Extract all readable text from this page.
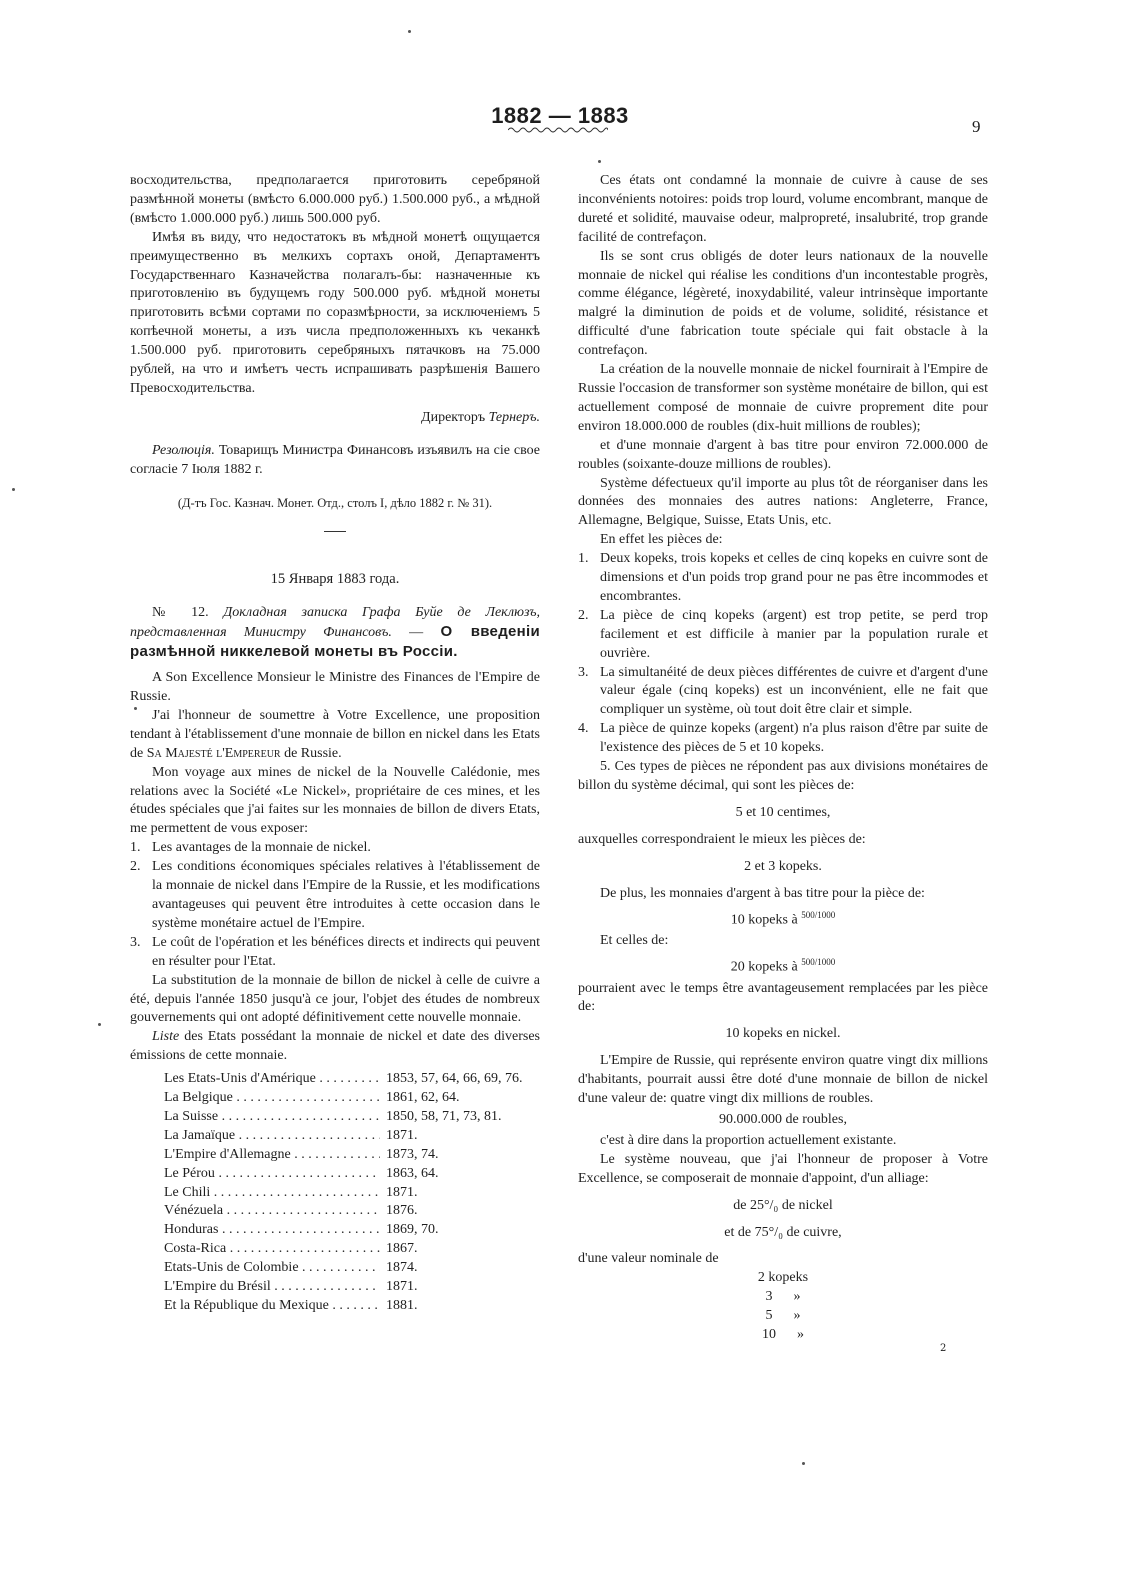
1882 — 1883	9

восходительства, предполагается приготовить серебряной размѣнной монеты (вмѣсто 6.000.000 руб.) 1.500.000 руб., а мѣдной (вмѣсто 1.000.000 руб.) лишь 500.000 руб.

Имѣя въ виду, что недостатокъ въ мѣдной монетѣ ощущается преимущественно въ мелкихъ сортахъ оной, Департаментъ Государственнаго Казначейства полагалъ-бы: назначенные къ приготовленію въ будущемъ году 500.000 руб. мѣдной монеты приготовить всѣми сортами по соразмѣрности, за исключеніемъ 5 копѣечной монеты, а изъ числа предположенныхъ къ чеканкѣ 1.500.000 руб. приготовить серебряныхъ пятачковъ на 75.000 рублей, на что и имѣетъ честь испрашивать разрѣшенія Вашего Превосходительства.

Директоръ Тернеръ.

Резолюція. Товарищъ Министра Финансовъ изъявилъ на сіе свое согласіе 7 Іюля 1882 г.

(Д-тъ Гос. Казнач. Монет. Отд., столъ I, дѣло 1882 г. № 31).

15 Января 1883 года.

№ 12. Докладная записка Графа Буйе де Леклюзъ, представленная Министру Финансовъ. — О введеніи размѣнной никкелевой монеты въ Россіи.

A Son Excellence Monsieur le Ministre des Finances de l'Empire de Russie.

J'ai l'honneur de soumettre à Votre Excellence, une proposition tendant à l'établissement d'une monnaie de billon en nickel dans les Etats de Sa Majesté l'Empereur de Russie.

Mon voyage aux mines de nickel de la Nouvelle Calédonie, mes relations avec la Société «Le Nickel», propriétaire de ces mines, et les études spéciales que j'ai faites sur les monnaies de billon de divers Etats, me permettent de vous exposer:

1. Les avantages de la monnaie de nickel.
2. Les conditions économiques spéciales relatives à l'établissement de la monnaie de nickel dans l'Empire de la Russie, et les modifications avantageuses qui peuvent être introduites à cette occasion dans le système monétaire actuel de l'Empire.
3. Le coût de l'opération et les bénéfices directs et indirects qui peuvent en résulter pour l'Etat.

La substitution de la monnaie de billon de nickel à celle de cuivre a été, depuis l'année 1850 jusqu'à ce jour, l'objet des études de nombreux gouvernements qui ont adopté définitivement cette nouvelle monnaie.

Liste des Etats possédant la monnaie de nickel et date des diverses émissions de cette monnaie.

Les Etats-Unis d'Amérique . . .	1853, 57, 64, 66, 69, 76.
La Belgique . . .	1861, 62, 64.
La Suisse . . .	1850, 58, 71, 73, 81.
La Jamaïque . . .	1871.
L'Empire d'Allemagne . . .	1873, 74.
Le Pérou . . .	1863, 64.
Le Chili . . .	1871.
Vénézuela . . .	1876.
Honduras . . .	1869, 70.
Costa-Rica . . .	1867.
Etats-Unis de Colombie . . .	1874.
L'Empire du Brésil . . .	1871.
Et la République du Mexique . . .	1881.

Ces états ont condamné la monnaie de cuivre à cause de ses inconvénients notoires: poids trop lourd, volume encombrant, manque de dureté et solidité, mauvaise odeur, malpropreté, insalubrité, trop grande facilité de contrefaçon.

Ils se sont crus obligés de doter leurs nationaux de la nouvelle monnaie de nickel qui réalise les conditions d'un incontestable progrès, comme élégance, légèreté, inoxydabilité, valeur intrinsèque importante malgré la diminution de poids et de volume, solidité, résistance et difficulté d'une fabrication toute spéciale qui fait obstacle à la contrefaçon.

La création de la nouvelle monnaie de nickel fournirait à l'Empire de Russie l'occasion de transformer son système monétaire de billon, qui est actuellement composé de monnaie de cuivre proprement dite pour environ 18.000.000 de roubles (dix-huit millions de roubles);

et d'une monnaie d'argent à bas titre pour environ 72.000.000 de roubles (soixante-douze millions de roubles).

Système défectueux qu'il importe au plus tôt de réorganiser dans les données des monnaies des autres nations: Angleterre, France, Allemagne, Belgique, Suisse, Etats Unis, etc.

En effet les pièces de:

1. Deux kopeks, trois kopeks et celles de cinq kopeks en cuivre sont de dimensions et d'un poids trop grand pour ne pas être incommodes et encombrantes.
2. La pièce de cinq kopeks (argent) est trop petite, se perd trop facilement et est difficile à manier par la population rurale et ouvrière.
3. La simultanéité de deux pièces différentes de cuivre et d'argent d'une valeur égale (cinq kopeks) est un inconvénient, elle ne fait que compliquer un système, où tout doit être clair et simple.
4. La pièce de quinze kopeks (argent) n'a plus raison d'être par suite de l'existence des pièces de 5 et 10 kopeks.

5. Ces types de pièces ne répondent pas aux divisions monétaires de billon du système décimal, qui sont les pièces de:

5 et 10 centimes,

auxquelles correspondraient le mieux les pièces de:

2 et 3 kopeks.

De plus, les monnaies d'argent à bas titre pour la pièce de:

10 kopeks à $^{500/1000}$

Et celles de:

20 kopeks à $^{500/1000}$

pourraient avec le temps être avantageusement remplacées par les pièce de:

10 kopeks en nickel.

L'Empire de Russie, qui représente environ quatre vingt dix millions d'habitants, pourrait aussi être doté d'une monnaie de billon de nickel d'une valeur de: quatre vingt dix millions de roubles.

90.000.000 de roubles,

c'est à dire dans la proportion actuellement existante.

Le système nouveau, que j'ai l'honneur de proposer à Votre Excellence, se composerait de monnaie d'appoint, d'un alliage:

de 25°/₀ de nickel

et de 75°/₀ de cuivre,

d'une valeur nominale de

2 kopeks

3      »

5      »

10      »

2
